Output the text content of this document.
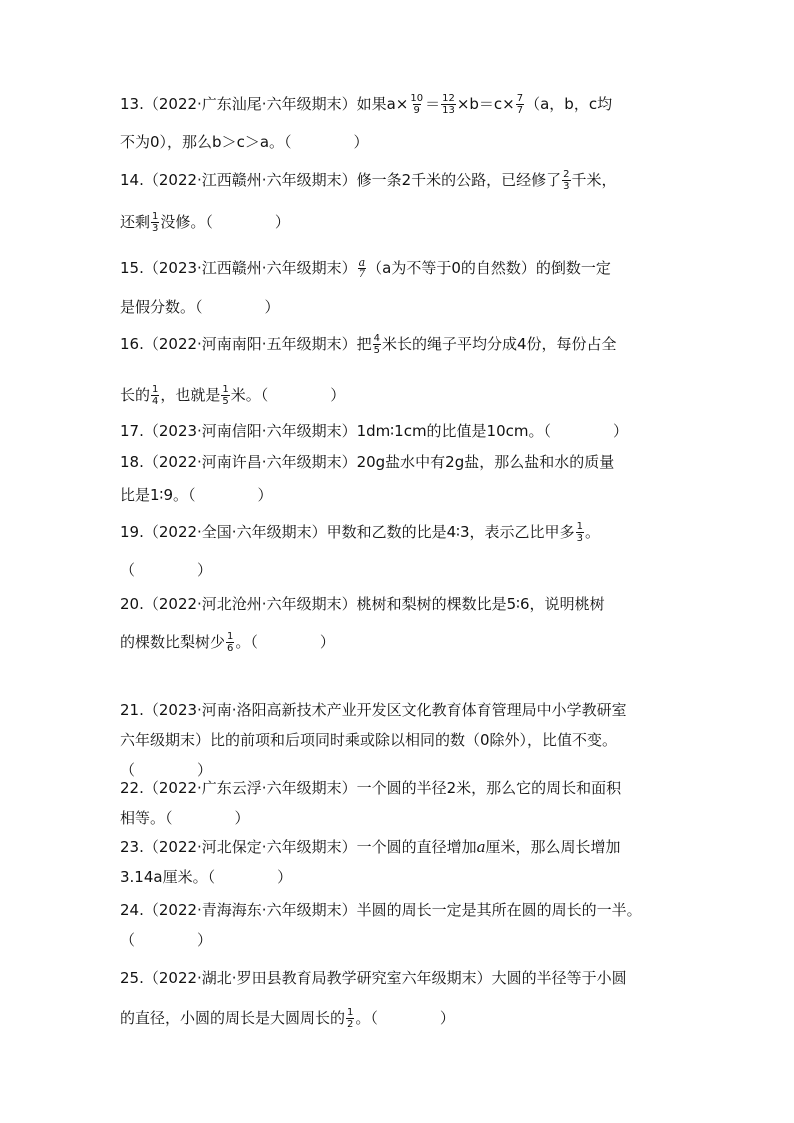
13. （2022·广东汕尾·六年级期末）如果$a\times \frac{10}{9} = \frac{12}{13} \times b=c\times \frac{7}{7} (a$，b，c均
不为0），那么b＞c＞a。（	）
14. （2022·江西赣州·六年级期末）修一条2千米的公路，已经修了 $\frac{2}{3}$ 千米，
还剩 $\frac{1}{3}$ 没修。（	）
15. （2023·江西赣州·六年级期末） $\frac{a}{7} (a$为不等于0的自然数）的倒数一定
是假分数。（	）
16. （2022·河南南阳·五年级期末）把 $\frac{4}{5}$ 米长的绳子平均分成4份，每份占全
长的 $\frac{1}{4}$ ，也就是 $\frac{1}{5}$ 米。（	）
17. （2023·河南信阳·六年级期末）1dm∶1cm的比值是10cm。（	）
18. （2022·河南许昌·六年级期末）20g盐水中有2g盐，那么盐和水的质量
比是1∶9。（	）
19. （2022·全国·六年级期末）甲数和乙数的比是4∶3，表示乙比甲多 $\frac{1}{3}$ 。
（	）
20. （2022·河北沧州·六年级期末）桃树和梨树的棵数比是5∶6，说明桃树
的棵数比梨树少 $\frac{1}{6}$ 。（	）
21. （2023·河南·洛阳高新技术产业开发区文化教育体育管理局中小学教研室
六年级期末）比的前项和后项同时乘或除以相同的数（0除外），比值不变。
（	）
22. （2022·广东云浮·六年级期末）一个圆的半径2米，那么它的周长和面积
相等。（	）
23. （2022·河北保定·六年级期末）一个圆的直径增加 a 厘米，那么周长增加
3.14a厘米。（	）
24. （2022·青海海东·六年级期末）半圆的周长一定是其所在圆的周长的一半。
（	）
25. （2022·湖北·罗田县教育局教学研究室六年级期末）大圆的半径等于小圆
的直径，小圆的周长是大圆周长的 $\frac{1}{2}$ 。（	）
